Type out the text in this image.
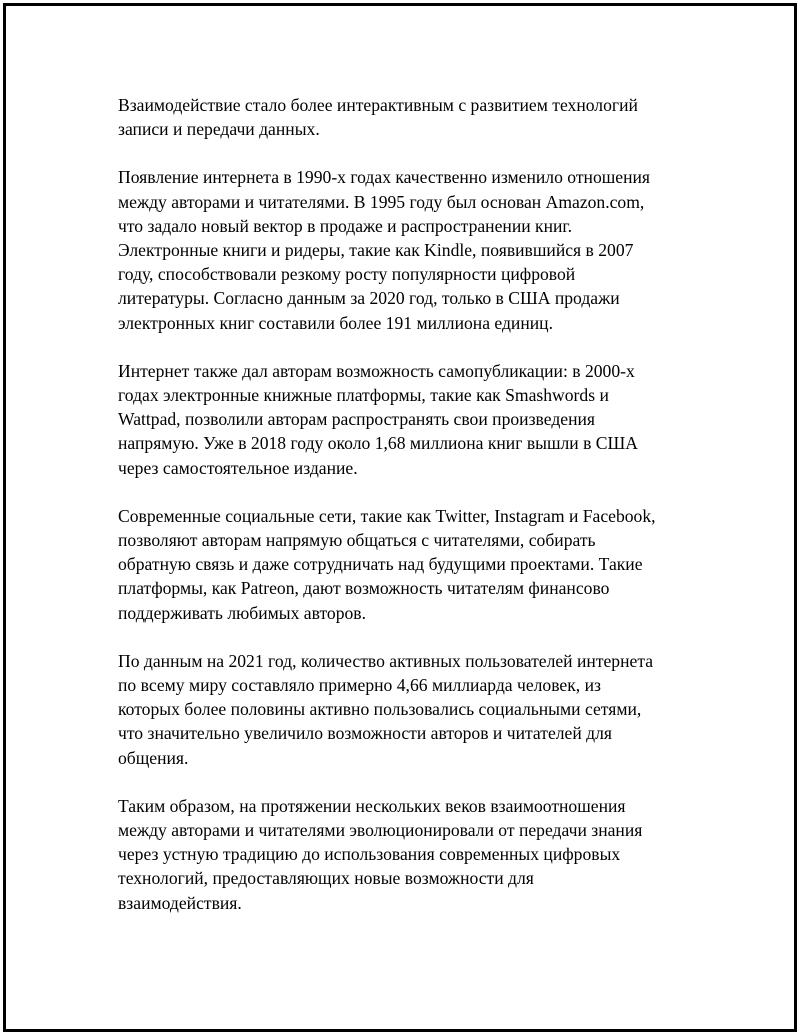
Взаимодействие стало более интерактивным с развитием технологий
записи и передачи данных.

Появление интернета в 1990-х годах качественно изменило отношения
между авторами и читателями. В 1995 году был основан Amazon.com,
что задало новый вектор в продаже и распространении книг.
Электронные книги и ридеры, такие как Kindle, появившийся в 2007
году, способствовали резкому росту популярности цифровой
литературы. Согласно данным за 2020 год, только в США продажи
электронных книг составили более 191 миллиона единиц.

Интернет также дал авторам возможность самопубликации: в 2000-х
годах электронные книжные платформы, такие как Smashwords и
Wattpad, позволили авторам распространять свои произведения
напрямую. Уже в 2018 году около 1,68 миллиона книг вышли в США
через самостоятельное издание.

Современные социальные сети, такие как Twitter, Instagram и Facebook,
позволяют авторам напрямую общаться с читателями, собирать
обратную связь и даже сотрудничать над будущими проектами. Такие
платформы, как Patreon, дают возможность читателям финансово
поддерживать любимых авторов.

По данным на 2021 год, количество активных пользователей интернета
по всему миру составляло примерно 4,66 миллиарда человек, из
которых более половины активно пользовались социальными сетями,
что значительно увеличило возможности авторов и читателей для
общения.

Таким образом, на протяжении нескольких веков взаимоотношения
между авторами и читателями эволюционировали от передачи знания
через устную традицию до использования современных цифровых
технологий, предоставляющих новые возможности для
взаимодействия.
